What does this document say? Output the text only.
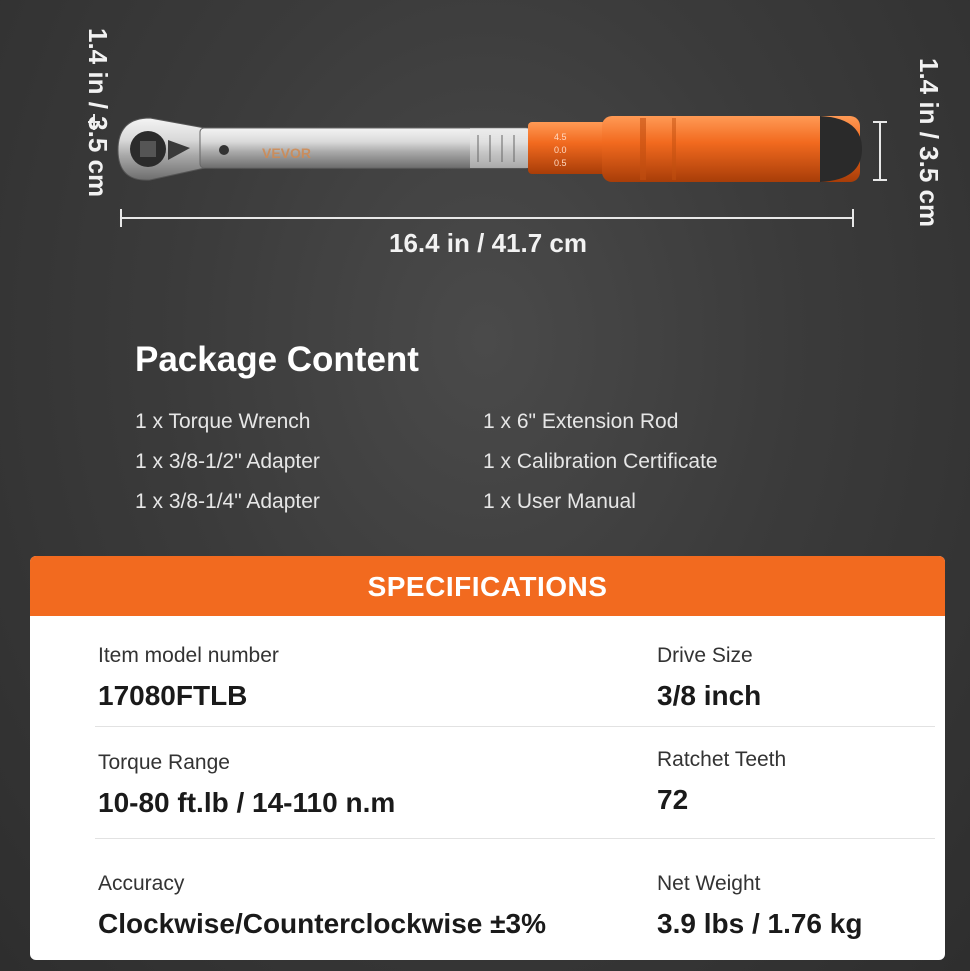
VEVOR
4.5
0.0
0.5
1.4 in / 3.5 cm	1.4 in / 3.5 cm
16.4 in / 41.7 cm
Package Content
1 x Torque Wrench	1 x 6" Extension Rod
1 x 3/8-1/2" Adapter	1 x Calibration Certificate
1 x 3/8-1/4" Adapter	1 x User Manual
SPECIFICATIONS
Item model number
17080FTLB
Drive Size
3/8 inch
Torque Range
10-80 ft.lb / 14-110 n.m
Ratchet Teeth
72
Accuracy
Clockwise/Counterclockwise ±3%
Net Weight
3.9 lbs / 1.76 kg
